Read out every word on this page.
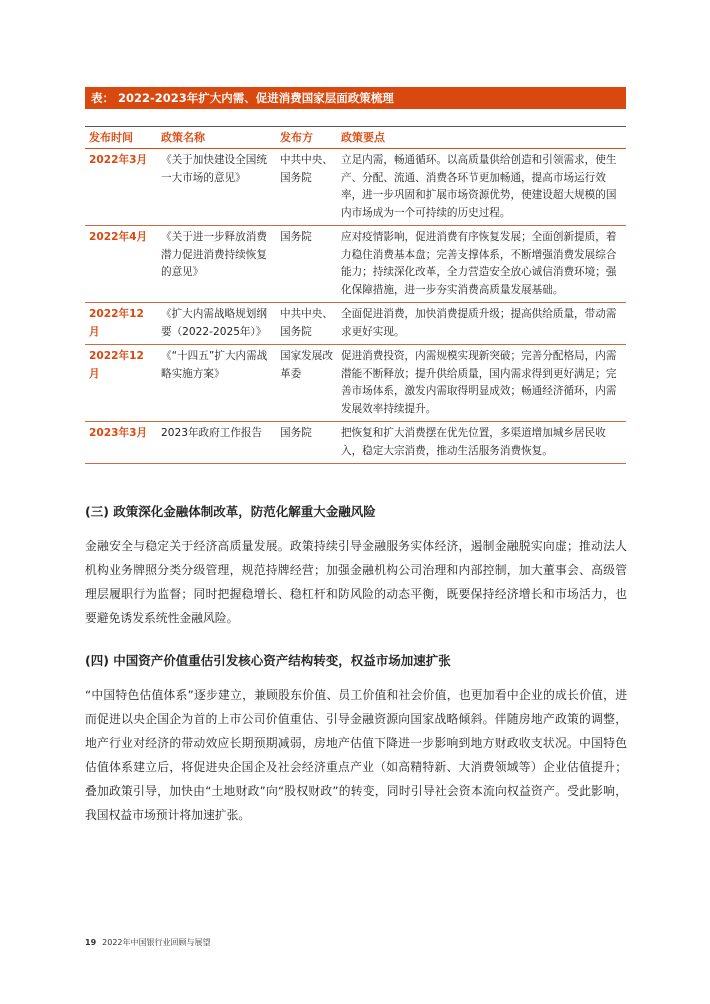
表： 2022-2023年扩大内需、促进消费国家层面政策梳理
发布时间	政策名称	发布方	政策要点
2022年3月	《关于加快建设全国统一大市场的意见》	中共中央、国务院	立足内需，畅通循环。以高质量供给创造和引领需求，使生产、分配、流通、消费各环节更加畅通，提高市场运行效率，进一步巩固和扩展市场资源优势，使建设超大规模的国内市场成为一个可持续的历史过程。
2022年4月	《关于进一步释放消费潜力促进消费持续恢复的意见》	国务院	应对疫情影响，促进消费有序恢复发展；全面创新提质，着力稳住消费基本盘；完善支撑体系，不断增强消费发展综合能力；持续深化改革，全力营造安全放心诚信消费环境；强化保障措施，进一步夯实消费高质量发展基础。
2022年12月	《扩大内需战略规划纲要（2022-2025年）》	中共中央、国务院	全面促进消费，加快消费提质升级；提高供给质量，带动需求更好实现。
2022年12月	《“十四五”扩大内需战略实施方案》	国家发展改革委	促进消费投资，内需规模实现新突破；完善分配格局，内需潜能不断释放；提升供给质量，国内需求得到更好满足；完善市场体系，激发内需取得明显成效；畅通经济循环，内需发展效率持续提升。
2023年3月	2023年政府工作报告	国务院	把恢复和扩大消费摆在优先位置，多渠道增加城乡居民收入，稳定大宗消费，推动生活服务消费恢复。
(三) 政策深化金融体制改革，防范化解重大金融风险

金融安全与稳定关于经济高质量发展。政策持续引导金融服务实体经济，遏制金融脱实向虚；推动法人机构业务牌照分类分级管理，规范持牌经营；加强金融机构公司治理和内部控制，加大董事会、高级管理层履职行为监督；同时把握稳增长、稳杠杆和防风险的动态平衡，既要保持经济增长和市场活力，也要避免诱发系统性金融风险。

(四) 中国资产价值重估引发核心资产结构转变，权益市场加速扩张

“中国特色估值体系”逐步建立，兼顾股东价值、员工价值和社会价值，也更加看中企业的成长价值，进而促进以央企国企为首的上市公司价值重估、引导金融资源向国家战略倾斜。伴随房地产政策的调整，地产行业对经济的带动效应长期预期减弱，房地产估值下降进一步影响到地方财政收支状况。中国特色估值体系建立后，将促进央企国企及社会经济重点产业（如高精特新、大消费领域等）企业估值提升；叠加政策引导，加快由“土地财政”向“股权财政”的转变，同时引导社会资本流向权益资产。受此影响，我国权益市场预计将加速扩张。

19 2022年中国银行业回顾与展望
